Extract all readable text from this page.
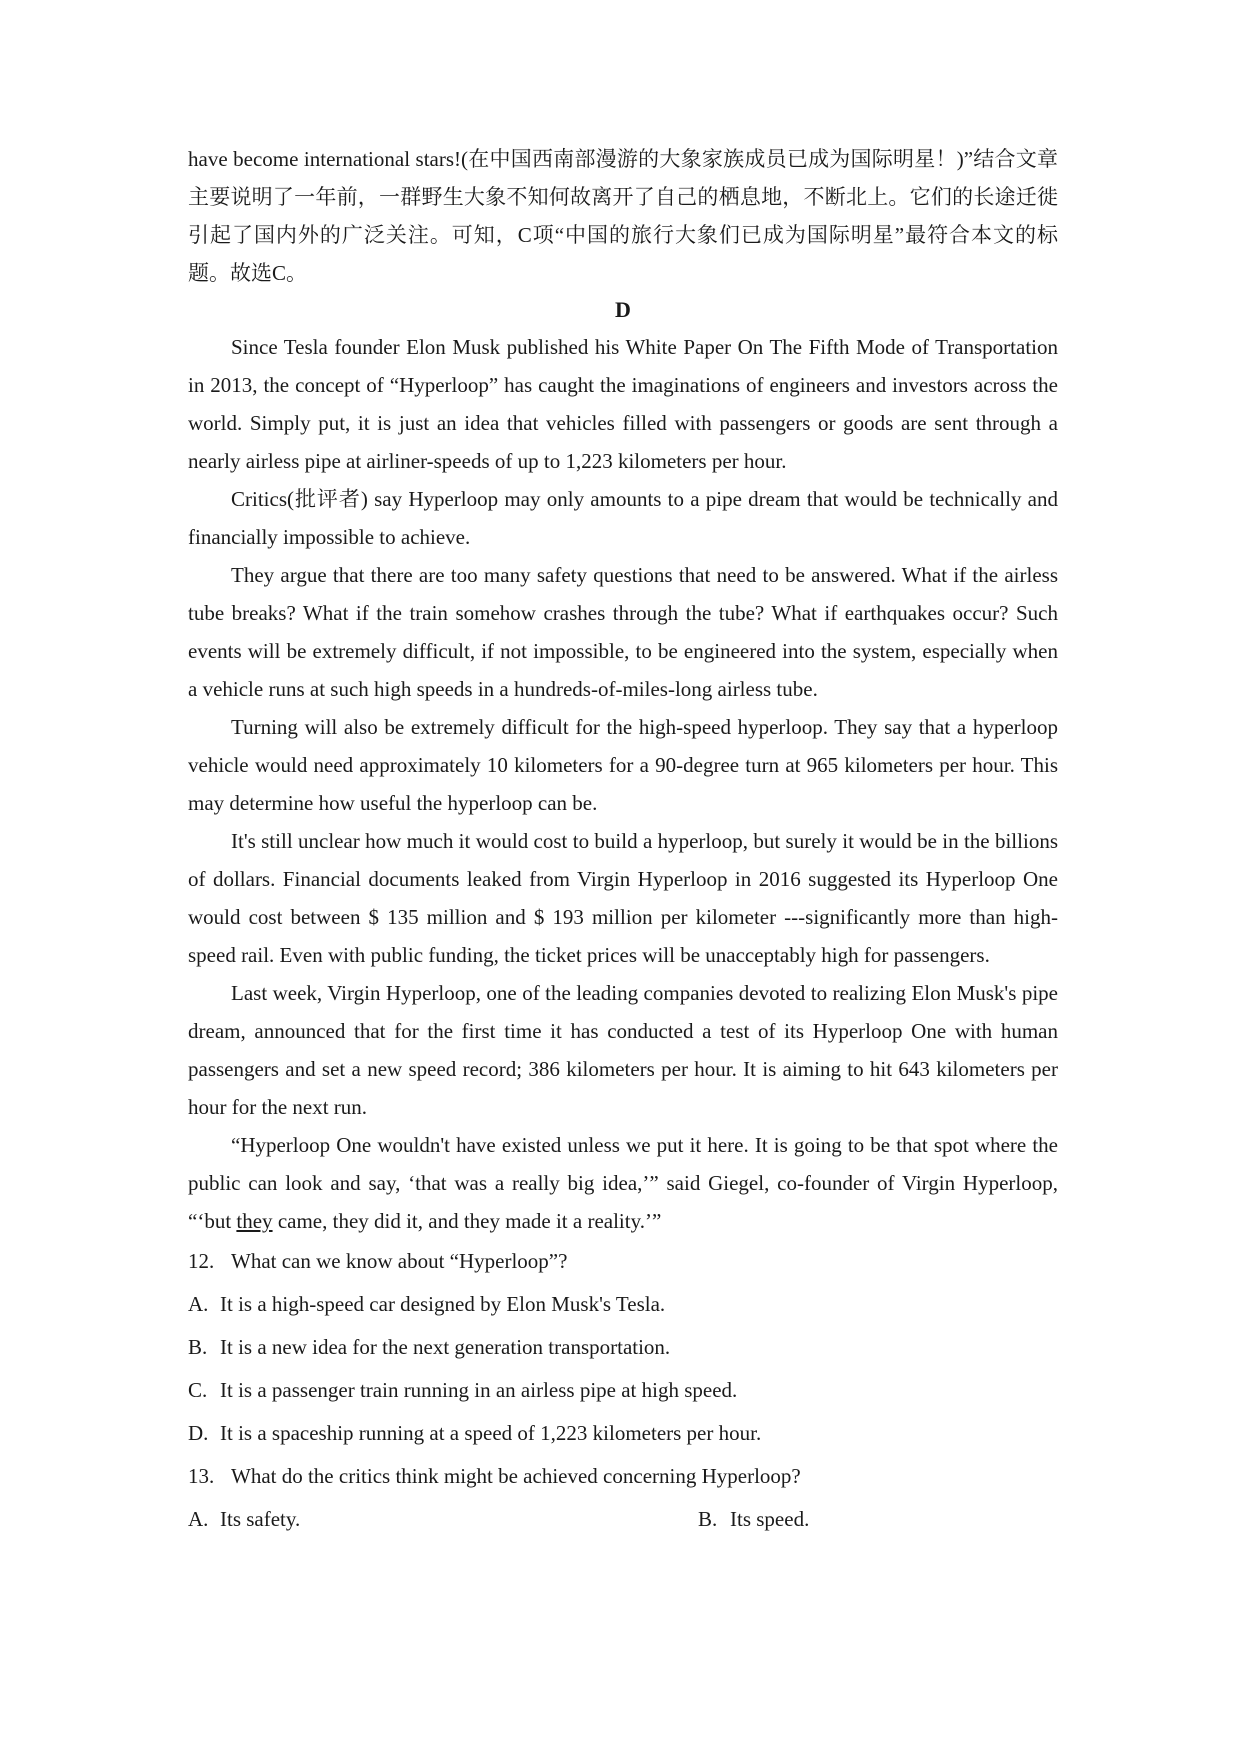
have become international stars!(在中国西南部漫游的大象家族成员已成为国际明星！)”结合文章主要说明了一年前，一群野生大象不知何故离开了自己的栖息地，不断北上。它们的长途迁徙引起了国内外的广泛关注。可知，C项“中国的旅行大象们已成为国际明星”最符合本文的标题。故选C。

D

Since Tesla founder Elon Musk published his White Paper On The Fifth Mode of Transportation in 2013, the concept of “Hyperloop” has caught the imaginations of engineers and investors across the world. Simply put, it is just an idea that vehicles filled with passengers or goods are sent through a nearly airless pipe at airliner-speeds of up to 1,223 kilometers per hour.

Critics(批评者) say Hyperloop may only amounts to a pipe dream that would be technically and financially impossible to achieve.

They argue that there are too many safety questions that need to be answered. What if the airless tube breaks? What if the train somehow crashes through the tube? What if earthquakes occur? Such events will be extremely difficult, if not impossible, to be engineered into the system, especially when a vehicle runs at such high speeds in a hundreds-of-miles-long airless tube.

Turning will also be extremely difficult for the high-speed hyperloop. They say that a hyperloop vehicle would need approximately 10 kilometers for a 90-degree turn at 965 kilometers per hour. This may determine how useful the hyperloop can be.

It's still unclear how much it would cost to build a hyperloop, but surely it would be in the billions of dollars. Financial documents leaked from Virgin Hyperloop in 2016 suggested its Hyperloop One would cost between $ 135 million and $ 193 million per kilometer ---significantly more than high-speed rail. Even with public funding, the ticket prices will be unacceptably high for passengers.

Last week, Virgin Hyperloop, one of the leading companies devoted to realizing Elon Musk's pipe dream, announced that for the first time it has conducted a test of its Hyperloop One with human passengers and set a new speed record; 386 kilometers per hour. It is aiming to hit 643 kilometers per hour for the next run.

“Hyperloop One wouldn't have existed unless we put it here. It is going to be that spot where the public can look and say, ‘that was a really big idea,’” said Giegel, co-founder of Virgin Hyperloop, “‘but they came, they did it, and they made it a reality.’”

12. What can we know about “Hyperloop”?

A. It is a high-speed car designed by Elon Musk's Tesla.

B. It is a new idea for the next generation transportation.

C. It is a passenger train running in an airless pipe at high speed.

D. It is a spaceship running at a speed of 1,223 kilometers per hour.

13. What do the critics think might be achieved concerning Hyperloop?

A. Its safety.	B. Its speed.
